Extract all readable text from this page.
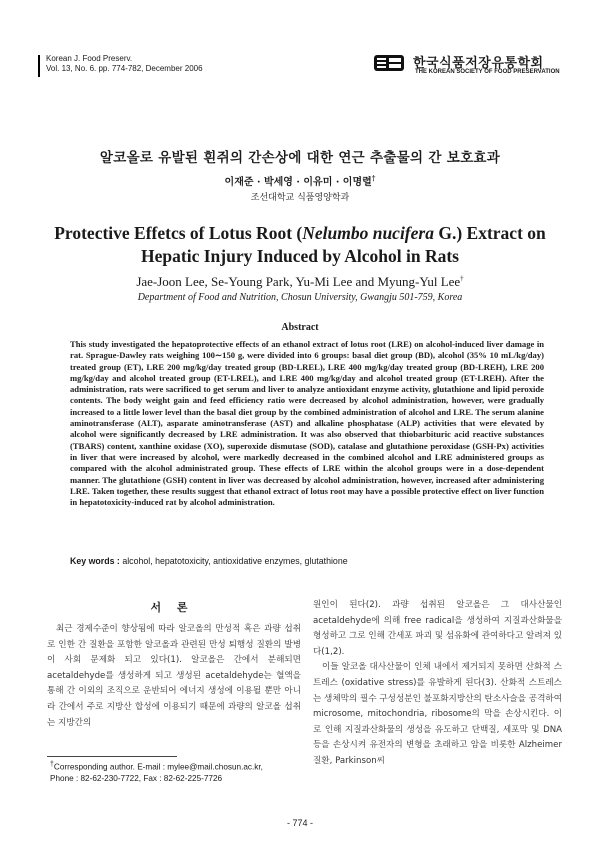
Korean J. Food Preserv.
Vol. 13, No. 6. pp. 774-782, December 2006	한국식품저장유통학회
THE KOREAN SOCIETY OF FOOD PRESERVATION
알코올로 유발된 흰쥐의 간손상에 대한 연근 추출물의 간 보호효과
이재준 · 박세영 · 이유미 · 이명렬†
조선대학교 식품영양학과
Protective Effetcs of Lotus Root (Nelumbo nucifera G.) Extract on
Hepatic Injury Induced by Alcohol in Rats
Jae-Joon Lee, Se-Young Park, Yu-Mi Lee and Myung-Yul Lee†
Department of Food and Nutrition, Chosun University, Gwangju 501-759, Korea
Abstract
This study investigated the hepatoprotective effects of an ethanol extract of lotus root (LRE) on alcohol-induced liver damage in rat. Sprague-Dawley rats weighing 100∼150 g, were divided into 6 groups: basal diet group (BD), alcohol (35% 10 mL/kg/day) treated group (ET), LRE 200 mg/kg/day treated group (BD-LREL), LRE 400 mg/kg/day treated group (BD-LREH), LRE 200 mg/kg/day and alcohol treated group (ET-LREL), and LRE 400 mg/kg/day and alcohol treated group (ET-LREH). After the administration, rats were sacrificed to get serum and liver to analyze antioxidant enzyme activity, glutathione and lipid peroxide contents. The body weight gain and feed efficiency ratio were decreased by alcohol administration, however, were gradually increased to a little lower level than the basal diet group by the combined administration of alcohol and LRE. The serum alanine aminotransferase (ALT), asparate aminotransferase (AST) and alkaline phosphatase (ALP) activities that were elevated by alcohol were significantly decreased by LRE administration. It was also observed that thiobarbituric acid reactive substances (TBARS) content, xanthine oxidase (XO), superoxide dismutase (SOD), catalase and glutathione peroxidase (GSH-Px) activities in liver that were increased by alcohol, were markedly decreased in the combined alcohol and LRE administered groups as compared with the alcohol administrated group. These effects of LRE within the alcohol groups were in a dose-dependent manner. The glutathione (GSH) content in liver was decreased by alcohol administration, however, increased after administering LRE. Taken together, these results suggest that ethanol extract of lotus root may have a possible protective effect on liver function in hepatotoxicity-induced rat by alcohol administration.
Key words : alcohol, hepatotoxicity, antioxidative enzymes, glutathione
서 론

최근 경제수준이 향상됨에 따라 알코올의 만성적 혹은 과량 섭취로 인한 간 질환을 포함한 알코올과 관련된 만성 퇴행성 질환의 발병이 사회 문제화 되고 있다(1). 알코올은 간에서 분해되면 acetaldehyde를 생성하게 되고 생성된 acetaldehyde는 혈액을 통해 간 이외의 조직으로 운반되어 에너지 생성에 이용될 뿐만 아니라 간에서 주로 지방산 합성에 이용되기 때문에 과량의 알코올 섭취는 지방간의

원인이 된다(2). 과량 섭취된 알코올은 그 대사산물인 acetaldehyde에 의해 free radical을 생성하여 지질과산화물을 형성하고 그로 인해 간세포 파괴 및 섬유화에 관여하다고 알려져 있다(1,2).

이들 알코올 대사산물이 인체 내에서 제거되지 못하면 산화적 스트레스 (oxidative stress)를 유발하게 된다(3). 산화적 스트레스는 생체막의 필수 구성성분인 불포화지방산의 탄소사슬을 공격하여 microsome, mitochondria, ribosome의 막을 손상시킨다. 이로 인해 지질과산화물의 생성을 유도하고 단백질, 세포막 및 DNA 등을 손상시켜 유전자의 변형을 초래하고 암을 비롯한 Alzheimer 질환, Parkinson씨

†Corresponding author. E-mail : mylee@mail.chosun.ac.kr,
Phone : 82-62-230-7722, Fax : 82-62-225-7726
- 774 -
